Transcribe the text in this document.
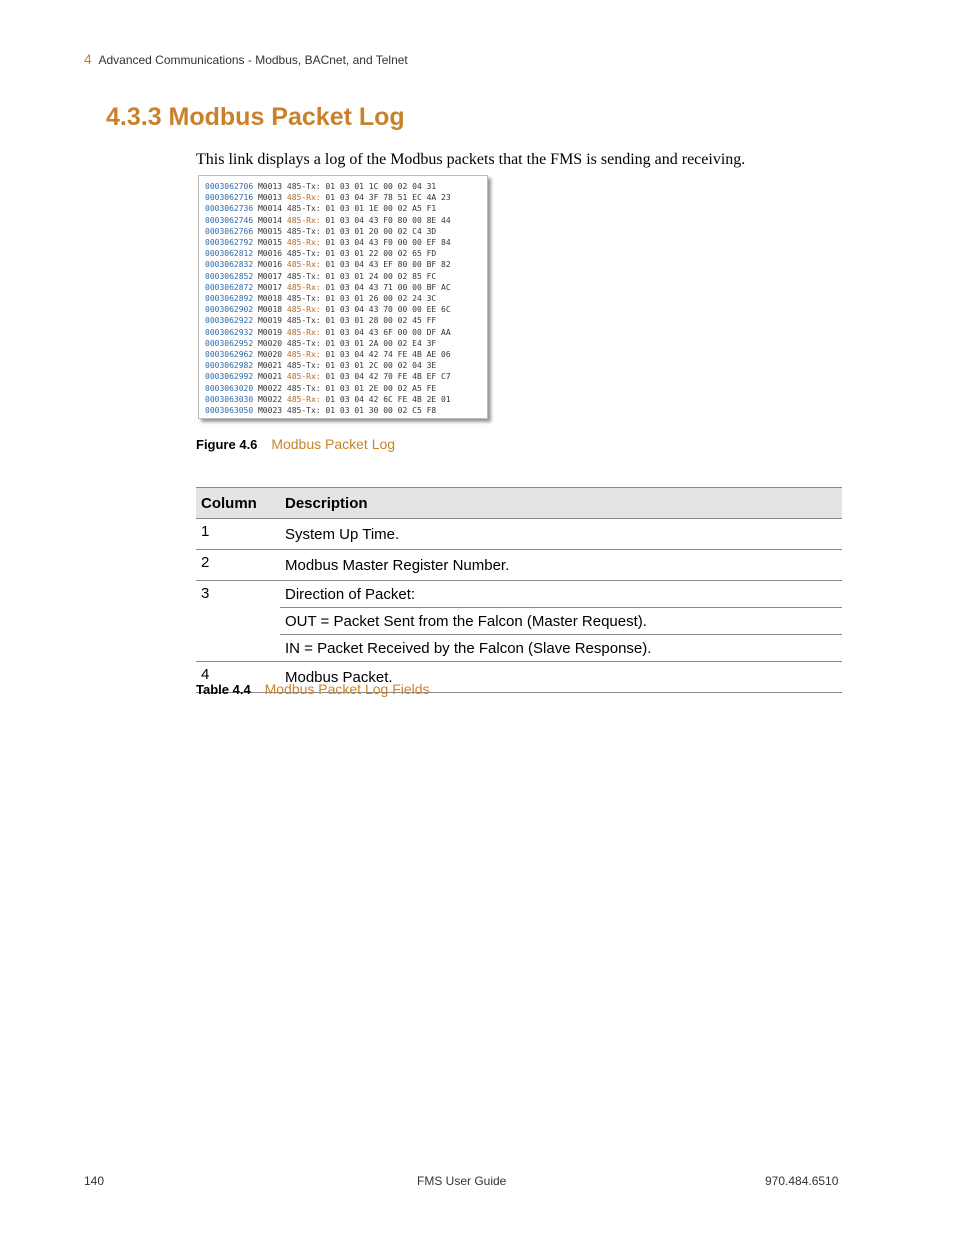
4 Advanced Communications - Modbus, BACnet, and Telnet
4.3.3 Modbus Packet Log

This link displays a log of the Modbus packets that the FMS is sending and receiving.

0003062706 M0013 485-Tx: 01 03 01 1C 00 02 04 31
0003062716 M0013 485-Rx: 01 03 04 3F 78 51 EC 4A 23
0003062736 M0014 485-Tx: 01 03 01 1E 00 02 A5 F1
0003062746 M0014 485-Rx: 01 03 04 43 F0 80 00 8E 44
0003062766 M0015 485-Tx: 01 03 01 20 00 02 C4 3D
0003062792 M0015 485-Rx: 01 03 04 43 F0 00 00 EF 84
0003062812 M0016 485-Tx: 01 03 01 22 00 02 65 FD
0003062832 M0016 485-Rx: 01 03 04 43 EF 80 00 BF 82
0003062852 M0017 485-Tx: 01 03 01 24 00 02 85 FC
0003062872 M0017 485-Rx: 01 03 04 43 71 00 00 BF AC
0003062892 M0018 485-Tx: 01 03 01 26 00 02 24 3C
0003062902 M0018 485-Rx: 01 03 04 43 70 00 00 EE 6C
0003062922 M0019 485-Tx: 01 03 01 28 00 02 45 FF
0003062932 M0019 485-Rx: 01 03 04 43 6F 00 00 DF AA
0003062952 M0020 485-Tx: 01 03 01 2A 00 02 E4 3F
0003062962 M0020 485-Rx: 01 03 04 42 74 FE 4B AE 06
0003062982 M0021 485-Tx: 01 03 01 2C 00 02 04 3E
0003062992 M0021 485-Rx: 01 03 04 42 70 FE 4B EF C7
0003063020 M0022 485-Tx: 01 03 01 2E 00 02 A5 FE
0003063030 M0022 485-Rx: 01 03 04 42 6C FE 4B 2E 01
0003063050 M0023 485-Tx: 01 03 01 30 00 02 C5 F8
Figure 4.6 Modbus Packet Log
Column	Description
1	System Up Time.
2	Modbus Master Register Number.
3	Direction of Packet:
	OUT = Packet Sent from the Falcon (Master Request).
	IN = Packet Received by the Falcon (Slave Response).
4	Modbus Packet.
Table 4.4 Modbus Packet Log Fields
140	FMS User Guide	970.484.6510
